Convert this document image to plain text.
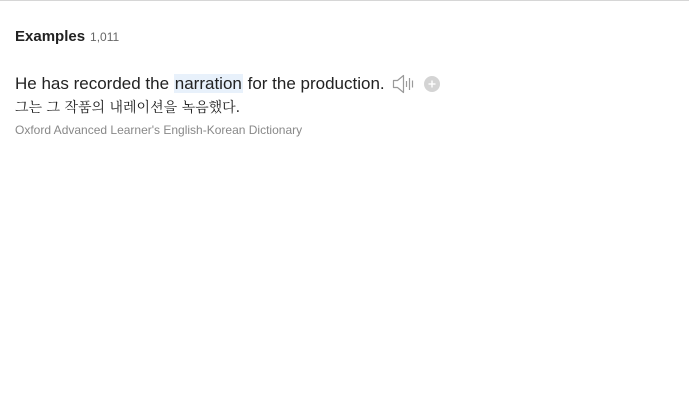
Examples 1,011
He has recorded the narration for the production.
그는 그 작품의 내레이션을 녹음했다.
Oxford Advanced Learner's English-Korean Dictionary
